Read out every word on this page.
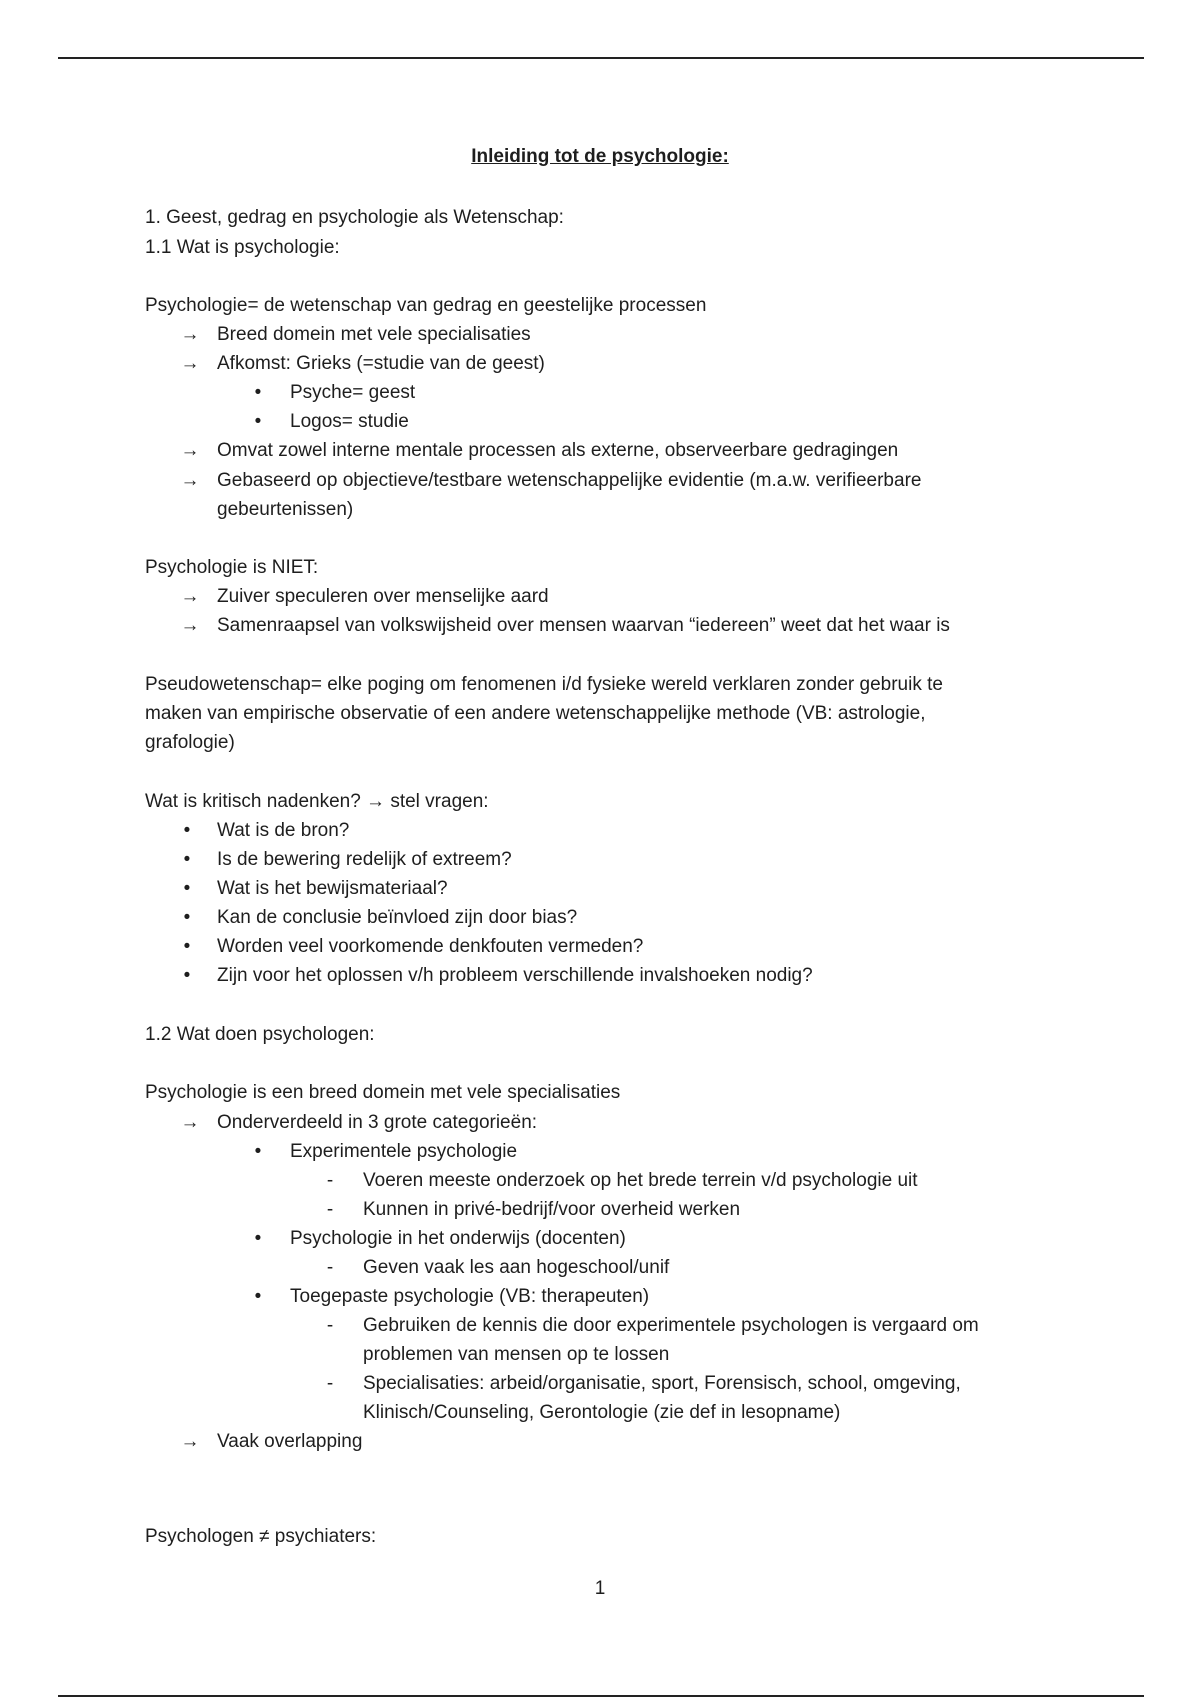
Inleiding tot de psychologie:
1. Geest, gedrag en psychologie als Wetenschap:
1.1 Wat is psychologie:
Psychologie= de wetenschap van gedrag en geestelijke processen
→ Breed domein met vele specialisaties
→ Afkomst: Grieks (=studie van de geest)
•	Psyche= geest
•	Logos= studie
→ Omvat zowel interne mentale processen als externe, observeerbare gedragingen
→ Gebaseerd op objectieve/testbare wetenschappelijke evidentie (m.a.w. verifieerbare
gebeurtenissen)
Psychologie is NIET:
→ Zuiver speculeren over menselijke aard
→ Samenraapsel van volkswijsheid over mensen waarvan “iedereen” weet dat het waar is
Pseudowetenschap= elke poging om fenomenen i/d fysieke wereld verklaren zonder gebruik te
maken van empirische observatie of een andere wetenschappelijke methode (VB: astrologie,
grafologie)
Wat is kritisch nadenken? → stel vragen:
•	Wat is de bron?
•	Is de bewering redelijk of extreem?
•	Wat is het bewijsmateriaal?
•	Kan de conclusie beïnvloed zijn door bias?
•	Worden veel voorkomende denkfouten vermeden?
•	Zijn voor het oplossen v/h probleem verschillende invalshoeken nodig?
1.2 Wat doen psychologen:
Psychologie is een breed domein met vele specialisaties
→ Onderverdeeld in 3 grote categorieën:
•	Experimentele psychologie
-	Voeren meeste onderzoek op het brede terrein v/d psychologie uit
-	Kunnen in privé-bedrijf/voor overheid werken
•	Psychologie in het onderwijs (docenten)
-	Geven vaak les aan hogeschool/unif
•	Toegepaste psychologie (VB: therapeuten)
-	Gebruiken de kennis die door experimentele psychologen is vergaard om
problemen van mensen op te lossen
-	Specialisaties: arbeid/organisatie, sport, Forensisch, school, omgeving,
Klinisch/Counseling, Gerontologie (zie def in lesopname)
→ Vaak overlapping
Psychologen ≠ psychiaters:
1
